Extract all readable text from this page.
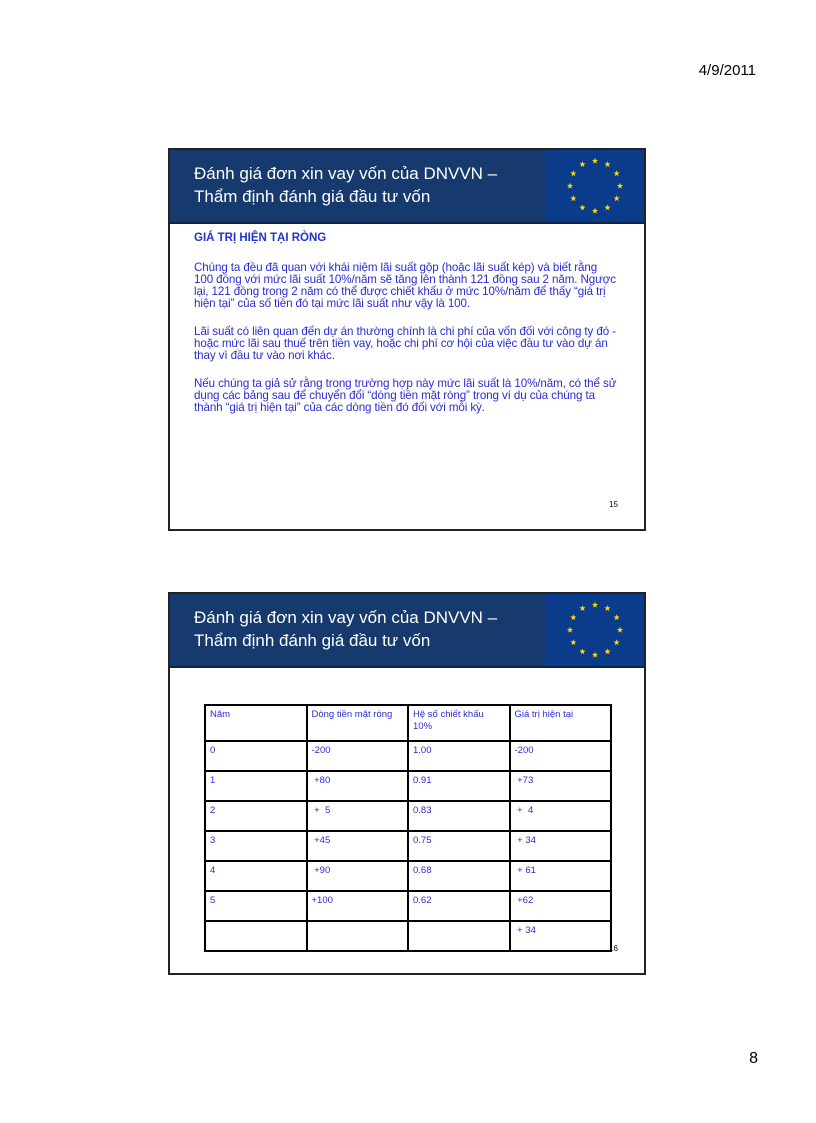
4/9/2011
Đánh giá đơn xin vay vốn của DNVVN –
Thẩm định đánh giá đầu tư vốn
GIÁ TRỊ HIỆN TẠI RÒNG

Chúng ta đều đã quan với khái niệm lãi suất gộp (hoặc lãi suất kép) và biết rằng 100 đồng với mức lãi suất 10%/năm sẽ tăng lên thành 121 đồng sau 2 năm. Ngược lại, 121 đồng trong 2 năm có thể được chiết khấu ở mức 10%/năm để thấy “giá trị hiện tại” của số tiền đó tại mức lãi suất như vậy là 100.

Lãi suất có liên quan đến dự án thường chính là chi phí của vốn đối với công ty đó - hoặc mức lãi sau thuế trên tiền vay, hoặc chi phí cơ hội của việc đầu tư vào dự án thay vì đầu tư vào nơi khác.

Nếu chúng ta giả sử rằng trong trường hợp này mức lãi suất là 10%/năm, có thể sử dụng các bảng sau để chuyển đổi “dòng tiền mặt ròng” trong ví dụ của chúng ta thành “giá trị hiện tại” của các dòng tiền đó đối với mỗi kỳ.

15
Đánh giá đơn xin vay vốn của DNVVN –
Thẩm định đánh giá đầu tư vốn
Năm	Dòng tiền mặt ròng	Hệ số chiết khấu 10%	Giá trị hiện tại
0	-200	1.00	-200
1	+80	0.91	+73
2	+  5	0.83	+  4
3	+45	0.75	+ 34
4	+90	0.68	+ 61
5	+100	0.62	+62
			+ 34
16
8
